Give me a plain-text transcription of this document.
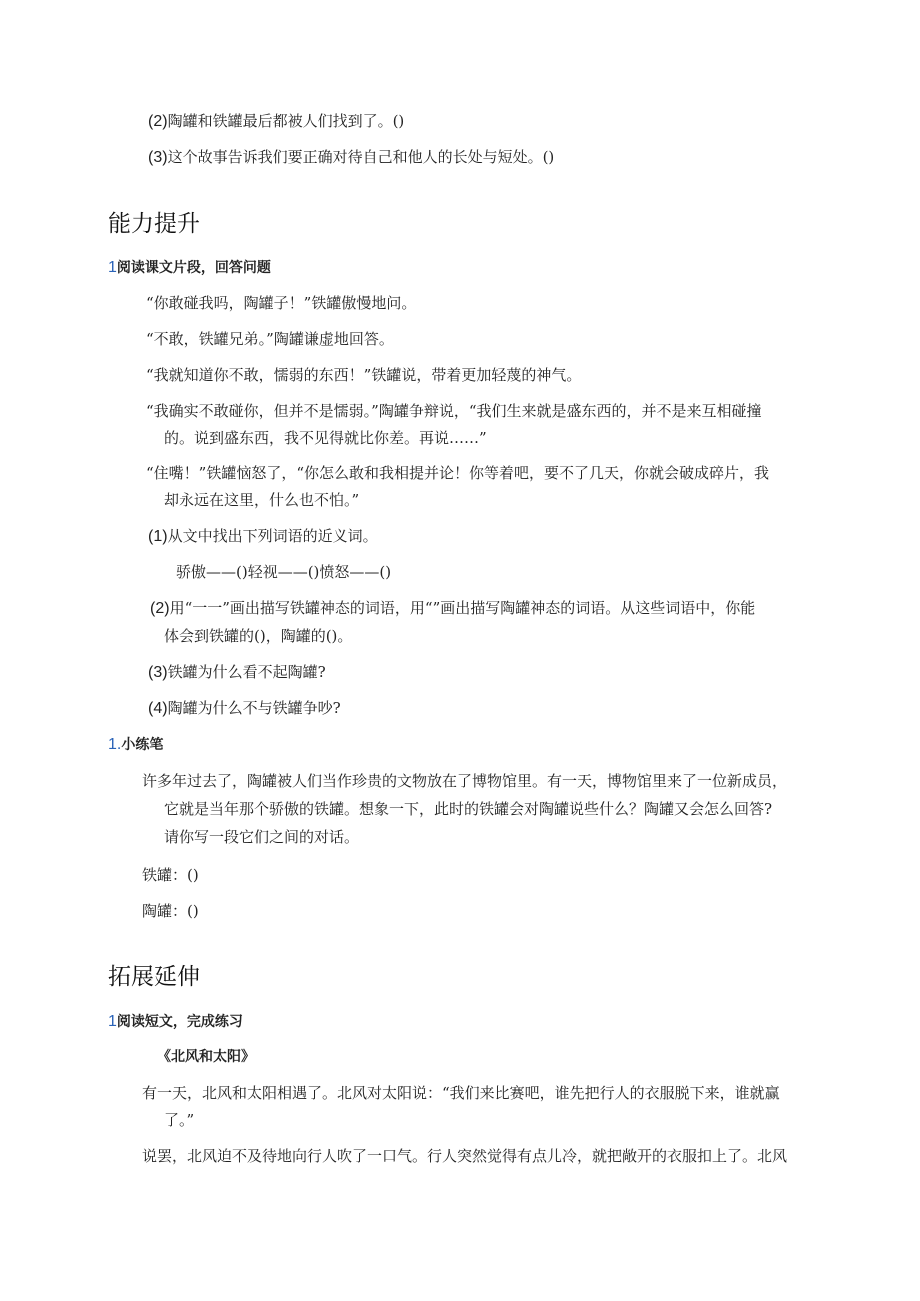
(2)陶罐和铁罐最后都被人们找到了。()
(3)这个故事告诉我们要正确对待自己和他人的长处与短处。()
能力提升
1阅读课文片段，回答问题
“你敢碰我吗，陶罐子！”铁罐傲慢地问。
“不敢，铁罐兄弟。”陶罐谦虚地回答。
“我就知道你不敢，懦弱的东西！”铁罐说，带着更加轻蔑的神气。
“我确实不敢碰你，但并不是懦弱。”陶罐争辩说，“我们生来就是盛东西的，并不是来互相碰撞
的。说到盛东西，我不见得就比你差。再说……”
“住嘴！”铁罐恼怒了，“你怎么敢和我相提并论！你等着吧，要不了几天，你就会破成碎片，我
却永远在这里，什么也不怕。”
(1)从文中找出下列词语的近义词。
骄傲——()轻视——()愤怒——()
(2)用“一一”画出描写铁罐神态的词语，用“”画出描写陶罐神态的词语。从这些词语中，你能
体会到铁罐的()，陶罐的()。
(3)铁罐为什么看不起陶罐?
(4)陶罐为什么不与铁罐争吵?
1.小练笔
许多年过去了，陶罐被人们当作珍贵的文物放在了博物馆里。有一天，博物馆里来了一位新成员，
它就是当年那个骄傲的铁罐。想象一下，此时的铁罐会对陶罐说些什么？陶罐又会怎么回答?
请你写一段它们之间的对话。
铁罐：()
陶罐：()
拓展延伸
1阅读短文，完成练习
《北风和太阳》
有一天，北风和太阳相遇了。北风对太阳说：“我们来比赛吧，谁先把行人的衣服脱下来，谁就赢
了。”
说罢，北风迫不及待地向行人吹了一口气。行人突然觉得有点儿冷，就把敞开的衣服扣上了。北风
